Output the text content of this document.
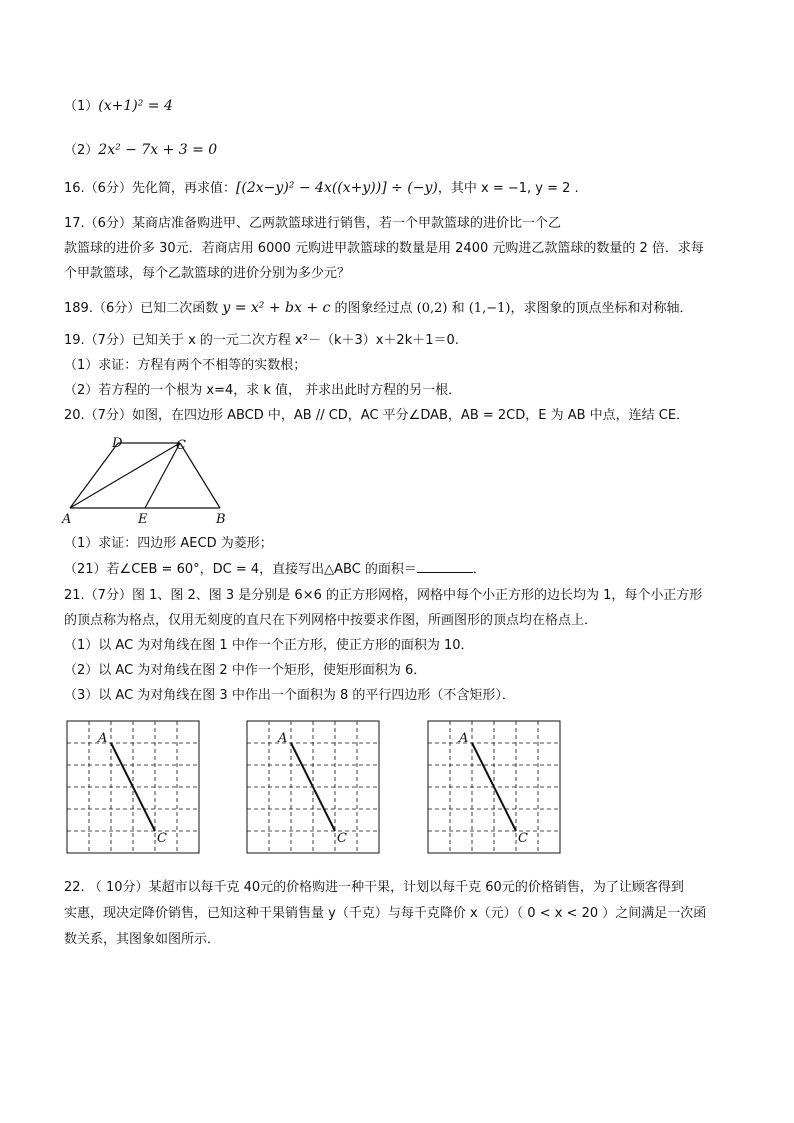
（1）(x+1)² = 4
（2）2x² − 7x + 3 = 0
16.（6分）先化简，再求值：[(2x−y)² − 4x((x+y))] ÷ (−y)，其中 x = −1, y = 2 .
17.（6分）某商店准备购进甲、乙两款篮球进行销售，若一个甲款篮球的进价比一个乙
款篮球的进价多 30元．若商店用 6000 元购进甲款篮球的数量是用 2400 元购进乙款篮球的数量的 2 倍．求每
个甲款篮球，每个乙款篮球的进价分别为多少元？
189.（6分）已知二次函数 y = x² + bx + c 的图象经过点 (0,2) 和 (1,−1)，求图象的顶点坐标和对称轴．
19.（7分）已知关于 x 的一元二次方程 x²－（k＋3）x＋2k＋1＝0.
（1）求证：方程有两个不相等的实数根；
（2）若方程的一个根为 x=4，求 k 值， 并求出此时方程的另一根．
20.（7分）如图，在四边形 ABCD 中，AB // CD，AC 平分∠DAB，AB = 2CD，E 为 AB 中点，连结 CE．
D	C
A	E	B
（1）求证：四边形 AECD 为菱形；
（21）若∠CEB = 60°，DC = 4，直接写出△ABC 的面积＝	．
21.（7分）图 1、图 2、图 3 是分别是 6×6 的正方形网格，网格中每个小正方形的边长均为 1，每个小正方形
的顶点称为格点，仅用无刻度的直尺在下列网格中按要求作图，所画图形的顶点均在格点上．
（1）以 AC 为对角线在图 1 中作一个正方形，使正方形的面积为 10．
（2）以 AC 为对角线在图 2 中作一个矩形，使矩形面积为 6．
（3）以 AC 为对角线在图 3 中作出一个面积为 8 的平行四边形（不含矩形）．
A
C
A
C
A
C
22. （ 10分）某超市以每千克 40元的价格购进一种干果，计划以每千克 60元的价格销售，为了让顾客得到
实惠，现决定降价销售，已知这种干果销售量 y（千克）与每千克降价 x（元）（ 0 < x < 20 ）之间满足一次函
数关系，其图象如图所示．
